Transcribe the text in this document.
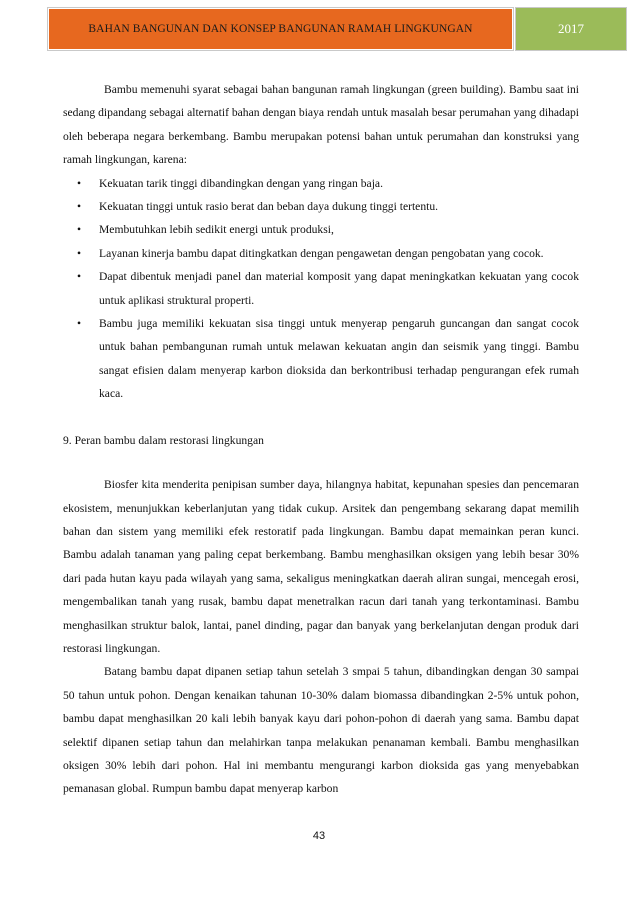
BAHAN BANGUNAN DAN KONSEP BANGUNAN RAMAH LINGKUNGAN	2017

Bambu memenuhi syarat sebagai bahan bangunan ramah lingkungan (green building). Bambu saat ini sedang dipandang sebagai alternatif bahan dengan biaya rendah untuk masalah besar perumahan yang dihadapi oleh beberapa negara berkembang. Bambu merupakan potensi bahan untuk perumahan dan konstruksi yang ramah lingkungan, karena:

• Kekuatan tarik tinggi dibandingkan dengan yang ringan baja.
• Kekuatan tinggi untuk rasio berat dan beban daya dukung tinggi tertentu.
• Membutuhkan lebih sedikit energi untuk produksi,
• Layanan kinerja bambu dapat ditingkatkan dengan pengawetan dengan pengobatan yang cocok.
• Dapat dibentuk menjadi panel dan material komposit yang dapat meningkatkan kekuatan yang cocok untuk aplikasi struktural properti.
• Bambu juga memiliki kekuatan sisa tinggi untuk menyerap pengaruh guncangan dan sangat cocok untuk bahan pembangunan rumah untuk melawan kekuatan angin dan seismik yang tinggi. Bambu sangat efisien dalam menyerap karbon dioksida dan berkontribusi terhadap pengurangan efek rumah kaca.

9. Peran bambu dalam restorasi lingkungan

Biosfer kita menderita penipisan sumber daya, hilangnya habitat, kepunahan spesies dan pencemaran ekosistem, menunjukkan keberlanjutan yang tidak cukup. Arsitek dan pengembang sekarang dapat memilih bahan dan sistem yang memiliki efek restoratif pada lingkungan. Bambu dapat memainkan peran kunci. Bambu adalah tanaman yang paling cepat berkembang. Bambu menghasilkan oksigen yang lebih besar 30% dari pada hutan kayu pada wilayah yang sama, sekaligus meningkatkan daerah aliran sungai, mencegah erosi, mengembalikan tanah yang rusak, bambu dapat menetralkan racun dari tanah yang terkontaminasi. Bambu menghasilkan struktur balok, lantai, panel dinding, pagar dan banyak yang berkelanjutan dengan produk dari restorasi lingkungan.

Batang bambu dapat dipanen setiap tahun setelah 3 smpai 5 tahun, dibandingkan dengan 30 sampai 50 tahun untuk pohon. Dengan kenaikan tahunan 10-30% dalam biomassa dibandingkan 2-5% untuk pohon, bambu dapat menghasilkan 20 kali lebih banyak kayu dari pohon-pohon di daerah yang sama. Bambu dapat selektif dipanen setiap tahun dan melahirkan tanpa melakukan penanaman kembali. Bambu menghasilkan oksigen 30% lebih dari pohon. Hal ini membantu mengurangi karbon dioksida gas yang menyebabkan pemanasan global. Rumpun bambu dapat menyerap karbon

43
